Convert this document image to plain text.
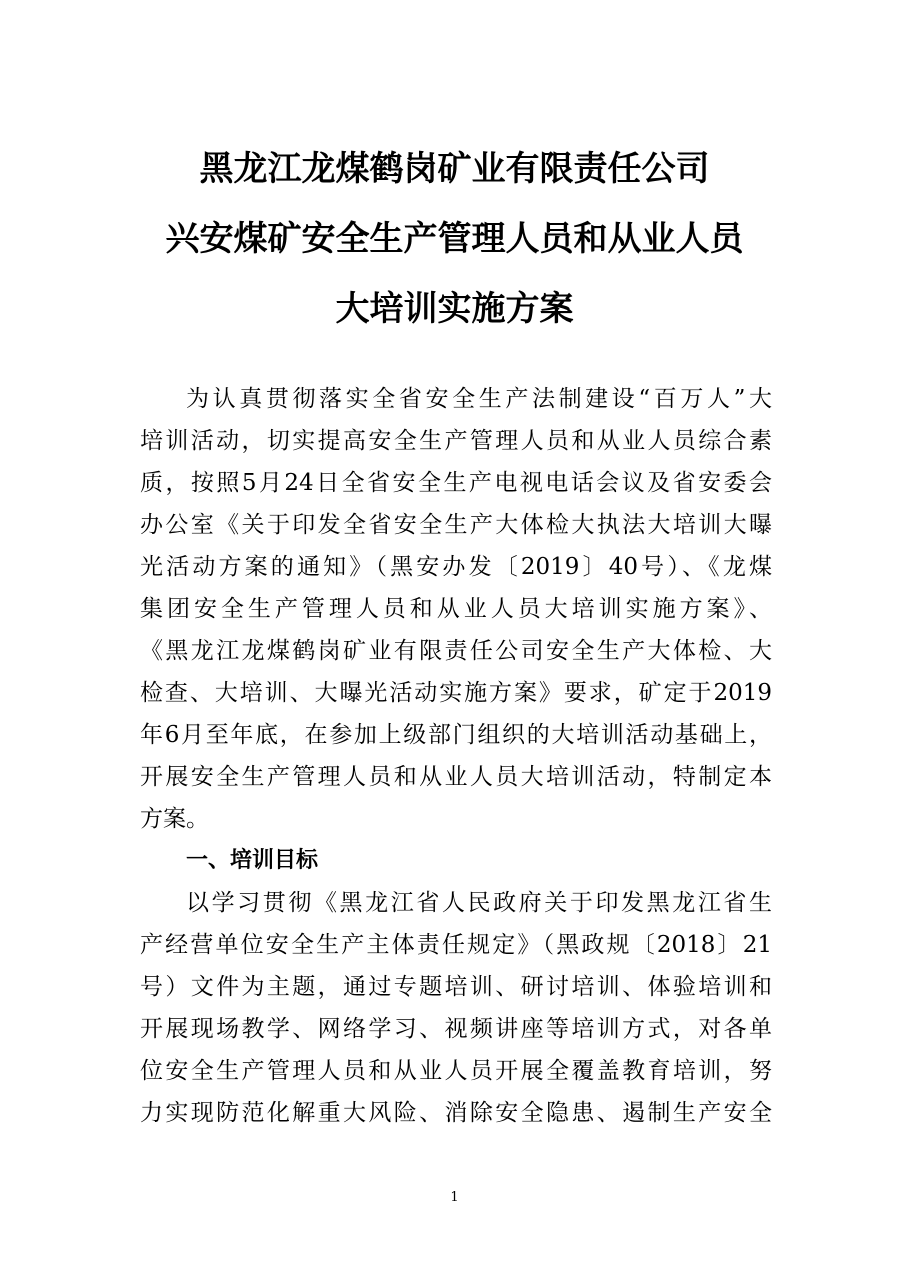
黑龙江龙煤鹤岗矿业有限责任公司
兴安煤矿安全生产管理人员和从业人员
大培训实施方案
为认真贯彻落实全省安全生产法制建设“百万人”大
培训活动，切实提高安全生产管理人员和从业人员综合素
质，按照5月24日全省安全生产电视电话会议及省安委会
办公室《关于印发全省安全生产大体检大执法大培训大曝
光活动方案的通知》（黑安办发〔2019〕40号）、《龙煤
集团安全生产管理人员和从业人员大培训实施方案》、
《黑龙江龙煤鹤岗矿业有限责任公司安全生产大体检、大
检查、大培训、大曝光活动实施方案》要求，矿定于2019
年6月至年底，在参加上级部门组织的大培训活动基础上，
开展安全生产管理人员和从业人员大培训活动，特制定本
方案。
一、培训目标
以学习贯彻《黑龙江省人民政府关于印发黑龙江省生
产经营单位安全生产主体责任规定》（黑政规〔2018〕21
号）文件为主题，通过专题培训、研讨培训、体验培训和
开展现场教学、网络学习、视频讲座等培训方式，对各单
位安全生产管理人员和从业人员开展全覆盖教育培训，努
力实现防范化解重大风险、消除安全隐患、遏制生产安全
1
